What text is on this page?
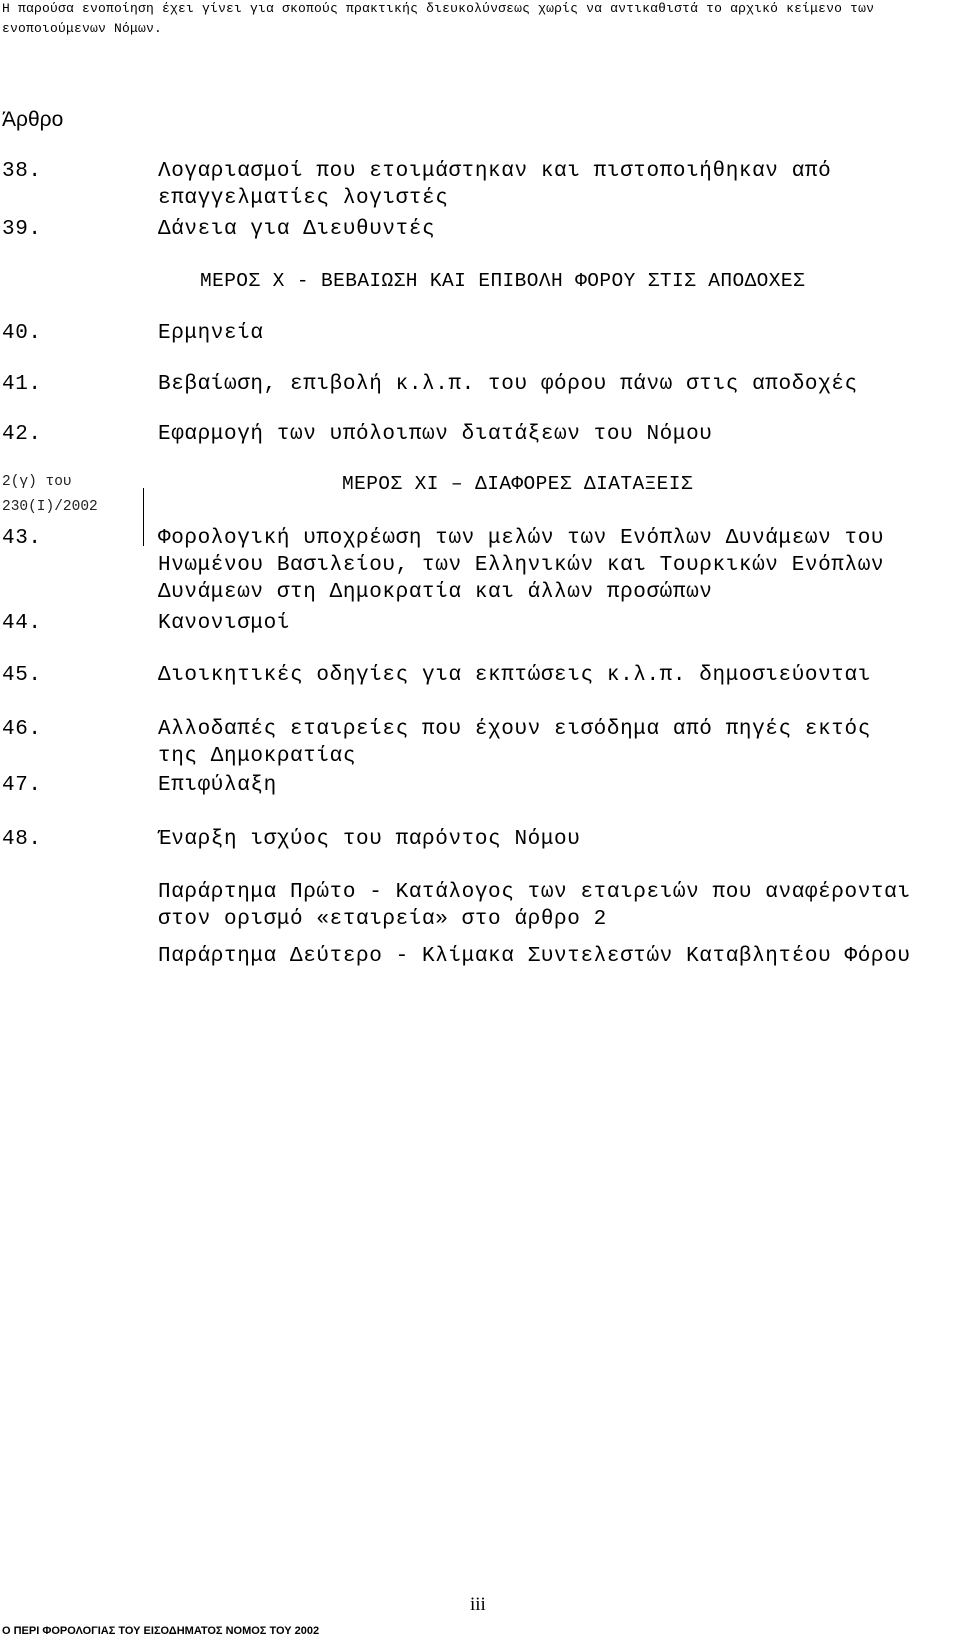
Η παρούσα ενοποίηση έχει γίνει για σκοπούς πρακτικής διευκολύνσεως χωρίς να αντικαθιστά το αρχικό κείμενο των
ενοποιούμενων Νόμων.
Άρθρο
38.	Λογαριασμοί που ετοιμάστηκαν και πιστοποιήθηκαν από
επαγγελματίες λογιστές
39.	Δάνεια για Διευθυντές
ΜΕΡΟΣ Χ - ΒΕΒΑΙΩΣΗ ΚΑΙ ΕΠΙΒΟΛΗ ΦΟΡΟΥ ΣΤΙΣ ΑΠΟΔΟΧΕΣ
40.	Ερμηνεία
41.	Βεβαίωση, επιβολή κ.λ.π. του φόρου πάνω στις αποδοχές
42.	Εφαρμογή των υπόλοιπων διατάξεων του Νόμου
2(γ) του
230(Ι)/2002
ΜΕΡΟΣ ΧΙ – ΔΙΑΦΟΡΕΣ ΔΙΑΤΑΞΕΙΣ
43.	Φορολογική υποχρέωση των μελών των Ενόπλων Δυνάμεων του
Ηνωμένου Βασιλείου, των Ελληνικών και Τουρκικών Ενόπλων
Δυνάμεων στη Δημοκρατία και άλλων προσώπων
44.	Κανονισμοί
45.	Διοικητικές οδηγίες για εκπτώσεις κ.λ.π. δημοσιεύονται
46.	Αλλοδαπές εταιρείες που έχουν εισόδημα από πηγές εκτός
της Δημοκρατίας
47.	Επιφύλαξη
48.	Έναρξη ισχύος του παρόντος Νόμου
Παράρτημα Πρώτο - Κατάλογος των εταιρειών που αναφέρονται
στον ορισμό «εταιρεία» στο άρθρο 2
Παράρτημα Δεύτερο - Κλίμακα Συντελεστών Καταβλητέου Φόρου
iii
Ο ΠΕΡΙ ΦΟΡΟΛΟΓΙΑΣ ΤΟΥ ΕΙΣΟΔΗΜΑΤΟΣ ΝΟΜΟΣ ΤΟΥ 2002
